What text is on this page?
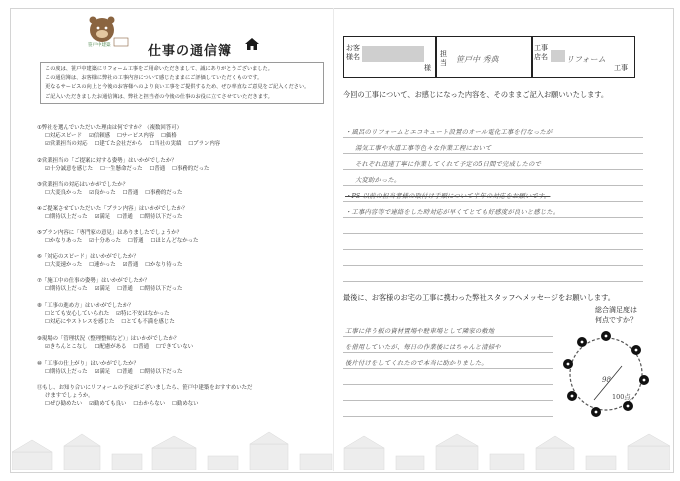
笹戸中建築	仕事の通信簿
この度は、笹戸中建築にリフォーム工事をご用命いただきまして、誠にありがとうございました。
この通信簿は、お客様に弊社の工事内容について感じたままにご評価していただくものです。
更なるサービスの向上と今後のお客様へのより良い工事をご提供するため、ぜひ率直なご意見をご記入ください。
ご記入いただきましたお通信簿は、弊社と担当者の今後の仕事のお役に立てさせていただきます。
①弊社を選んでいただいた理由は何ですか？（複数回答可）
☐対応スピード ☑信頼感 ☐サービス内容 ☐価格
☑営業担当の対応 ☐建てた会社だから ☐当社の実績 ☐プラン内容
②営業担当の「ご提案に対する姿勢」はいかがでしたか？
☑十分誠意を感じた ☐一生懸命だった ☐普通 ☐事務的だった
③営業担当の対応はいかがでしたか？
☐大変良かった ☑良かった ☐普通 ☐事務的だった
④ご提案させていただいた「プラン内容」はいかがでしたか？
☐期待以上だった ☑満足 ☐普通 ☐期待以下だった
⑤プラン内容に「専門家の意見」はありましたでしょうか？
☐かなりあった ☑十分あった ☐普通 ☐ほとんどなかった
⑥「対応のスピード」はいかがでしたか？
☐大変速かった ☐速かった ☑普通 ☐かなり待った
⑦「施工中の仕事の姿勢」はいかがでしたか？
☐期待以上だった ☑満足 ☐普通 ☐期待以下だった
⑧「工事の進め方」はいかがでしたか？
☐とても安心していられた ☑特に不安はなかった
☐対応にやストレスを感じた ☐とても不満を感じた
⑨現場の「管理状況（整理整頓など）」はいかがでしたか？
☑きちんとこなし ☐配慮がある ☐普通 ☐できていない
⑩「工事の仕上がり」はいかがでしたか？
☐期待以上だった ☑満足 ☐普通 ☐期待以下だった
⑪もし、お知り合いにリフォームの予定がございましたら、笹戸中建築をおすすめいただ
けますでしょうか。
☐ぜひ勧めたい ☑勧めても良い ☐わからない ☐勧めない
お客
様名
様
担当 笹戸中 秀典
工事
店名 リフォーム
工事
今回の工事について、お感じになった内容を、そのままご記入お願いいたします。
・風呂のリフォームとエコキュート設置のオール電化工事を行なったが
湯気工事や水道工事等色々な作業工程において
それぞれ迅速丁寧に作業してくれて予定の5日間で完成したので
大変助かった。
・PS 以前の担当者様の取付け手順について半年の対応をお願いです。
・工事内容等で連絡をした時対応が早くてとても好感度が良いと感じた。
最後に、お客様のお宅の工事に携わった弊社スタッフへメッセージをお願いします。
工事に伴う板の資材置場や駐車場として隣家の敷地
を借用していたが、毎日の作業後にはちゃんと清掃や
後片付けをしてくれたので本当に助かりました。
総合満足度は
何点ですか？
98
100点
